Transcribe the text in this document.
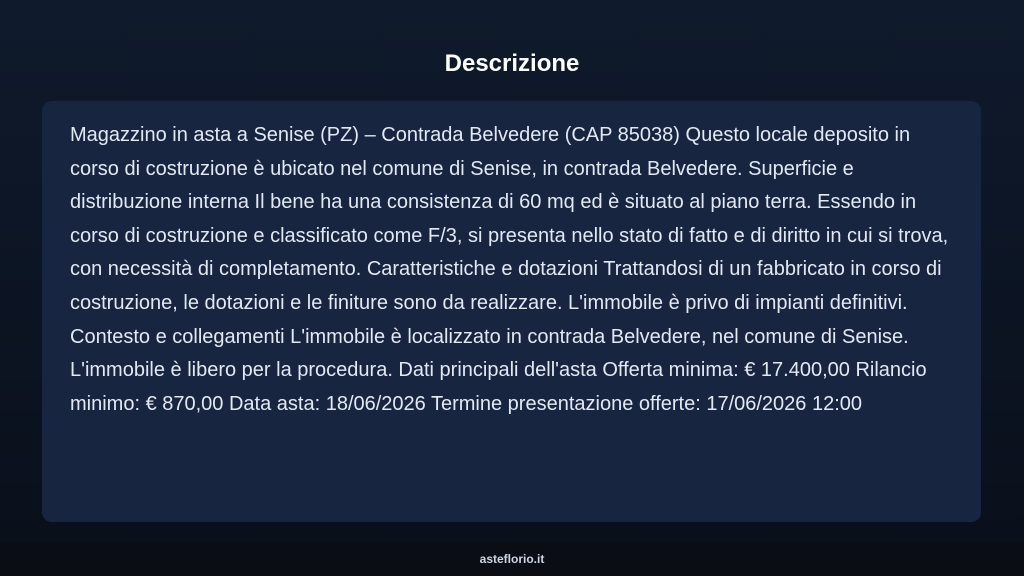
Descrizione

Magazzino in asta a Senise (PZ) – Contrada Belvedere (CAP 85038) Questo locale deposito in corso di costruzione è ubicato nel comune di Senise, in contrada Belvedere. Superficie e distribuzione interna Il bene ha una consistenza di 60 mq ed è situato al piano terra. Essendo in corso di costruzione e classificato come F/3, si presenta nello stato di fatto e di diritto in cui si trova, con necessità di completamento. Caratteristiche e dotazioni Trattandosi di un fabbricato in corso di costruzione, le dotazioni e le finiture sono da realizzare. L'immobile è privo di impianti definitivi. Contesto e collegamenti L'immobile è localizzato in contrada Belvedere, nel comune di Senise. L'immobile è libero per la procedura. Dati principali dell'asta Offerta minima: € 17.400,00 Rilancio minimo: € 870,00 Data asta: 18/06/2026 Termine presentazione offerte: 17/06/2026 12:00

asteflorio.it
